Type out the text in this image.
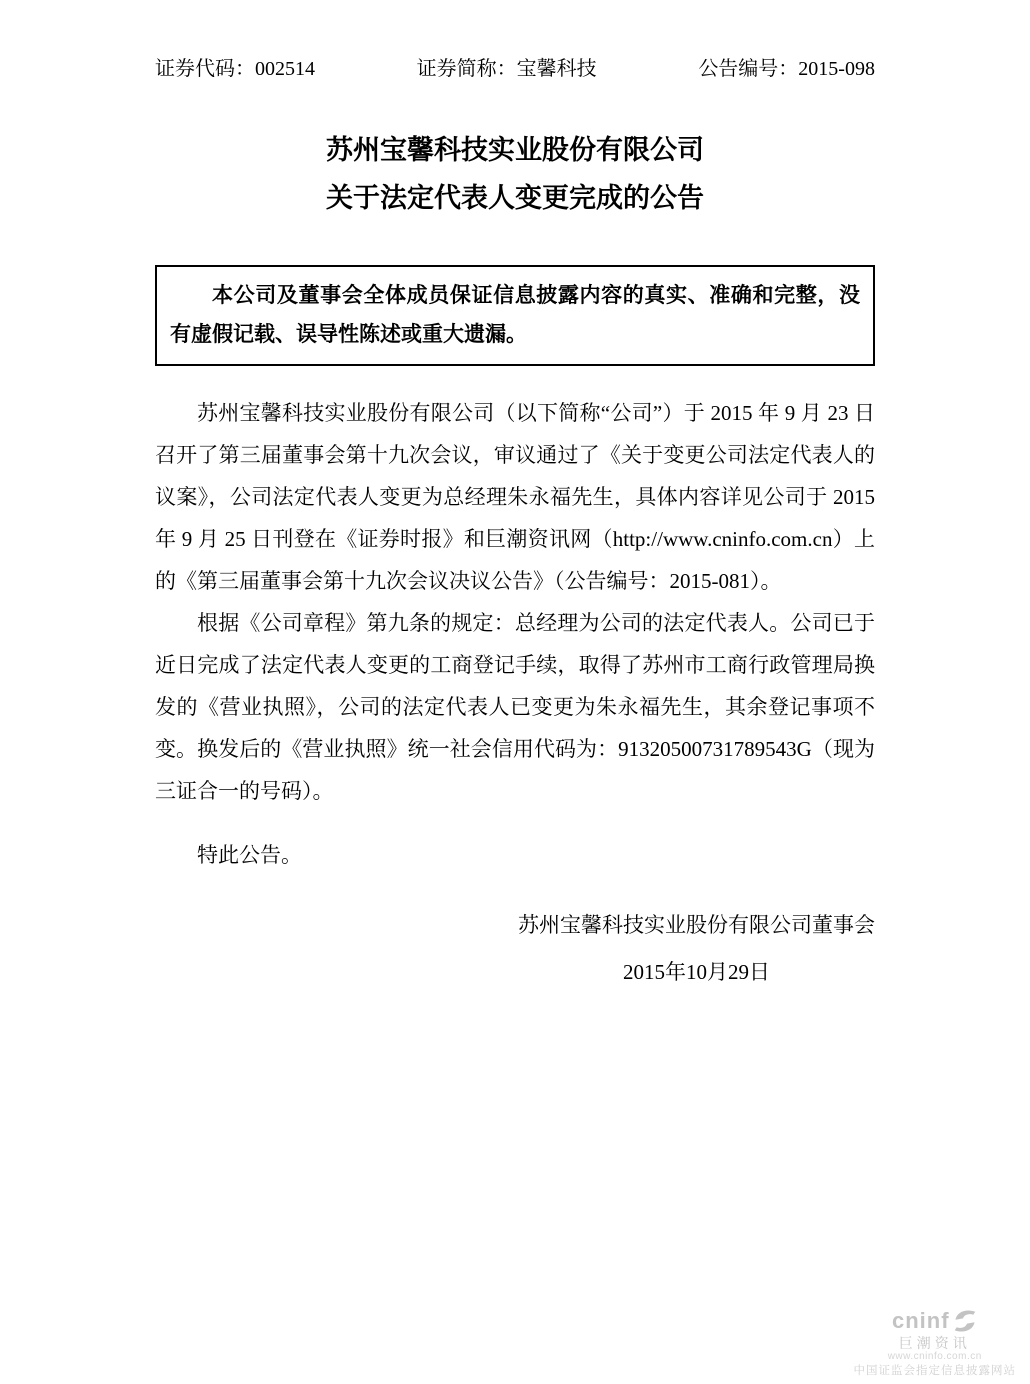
证券代码：002514	证券简称：宝馨科技	公告编号：2015-098
苏州宝馨科技实业股份有限公司
关于法定代表人变更完成的公告

本公司及董事会全体成员保证信息披露内容的真实、准确和完整，没有虚假记载、误导性陈述或重大遗漏。

苏州宝馨科技实业股份有限公司（以下简称“公司”）于 2015 年 9 月 23 日召开了第三届董事会第十九次会议，审议通过了《关于变更公司法定代表人的议案》，公司法定代表人变更为总经理朱永福先生，具体内容详见公司于 2015 年 9 月 25 日刊登在《证券时报》和巨潮资讯网（http://www.cninfo.com.cn）上的《第三届董事会第十九次会议决议公告》（公告编号：2015-081）。

根据《公司章程》第九条的规定：总经理为公司的法定代表人。公司已于近日完成了法定代表人变更的工商登记手续，取得了苏州市工商行政管理局换发的《营业执照》，公司的法定代表人已变更为朱永福先生，其余登记事项不变。换发后的《营业执照》统一社会信用代码为：91320500731789543G（现为三证合一的号码）。

特此公告。

苏州宝馨科技实业股份有限公司董事会
2015年10月29日
cninf
巨潮资讯
www.cninfo.com.cn
中国证监会指定信息披露网站
